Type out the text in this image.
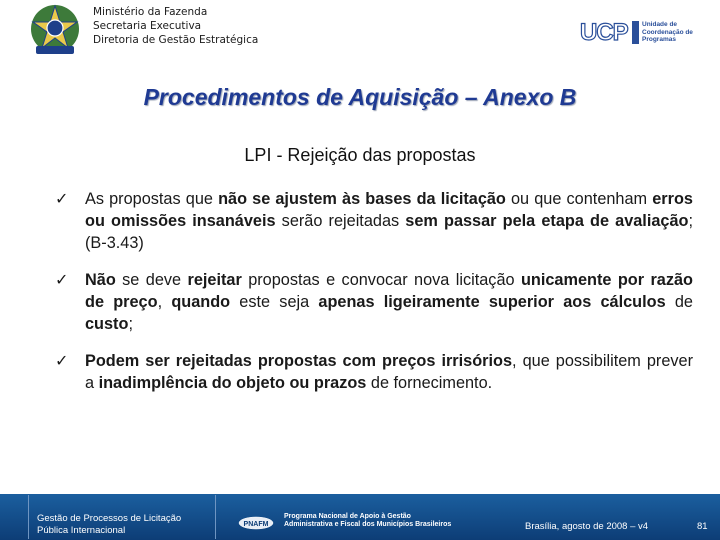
Ministério da Fazenda
Secretaria Executiva
Diretoria de Gestão Estratégica	UCP Unidade de
Coordenação de
Programas
Procedimentos de Aquisição – Anexo B
LPI - Rejeição das propostas
✓ As propostas que não se ajustem às bases da licitação ou que contenham erros ou omissões insanáveis serão rejeitadas sem passar pela etapa de avaliação; (B-3.43)
✓ Não se deve rejeitar propostas e convocar nova licitação unicamente por razão de preço, quando este seja apenas ligeiramente superior aos cálculos de custo;
✓ Podem ser rejeitadas propostas com preços irrisórios, que possibilitem prever a inadimplência do objeto ou prazos de fornecimento.
Gestão de Processos de Licitação
Pública Internacional
PNAFM
Programa Nacional de Apoio à Gestão
Administrativa e Fiscal dos Municípios Brasileiros	Brasília, agosto de 2008 – v4	81
